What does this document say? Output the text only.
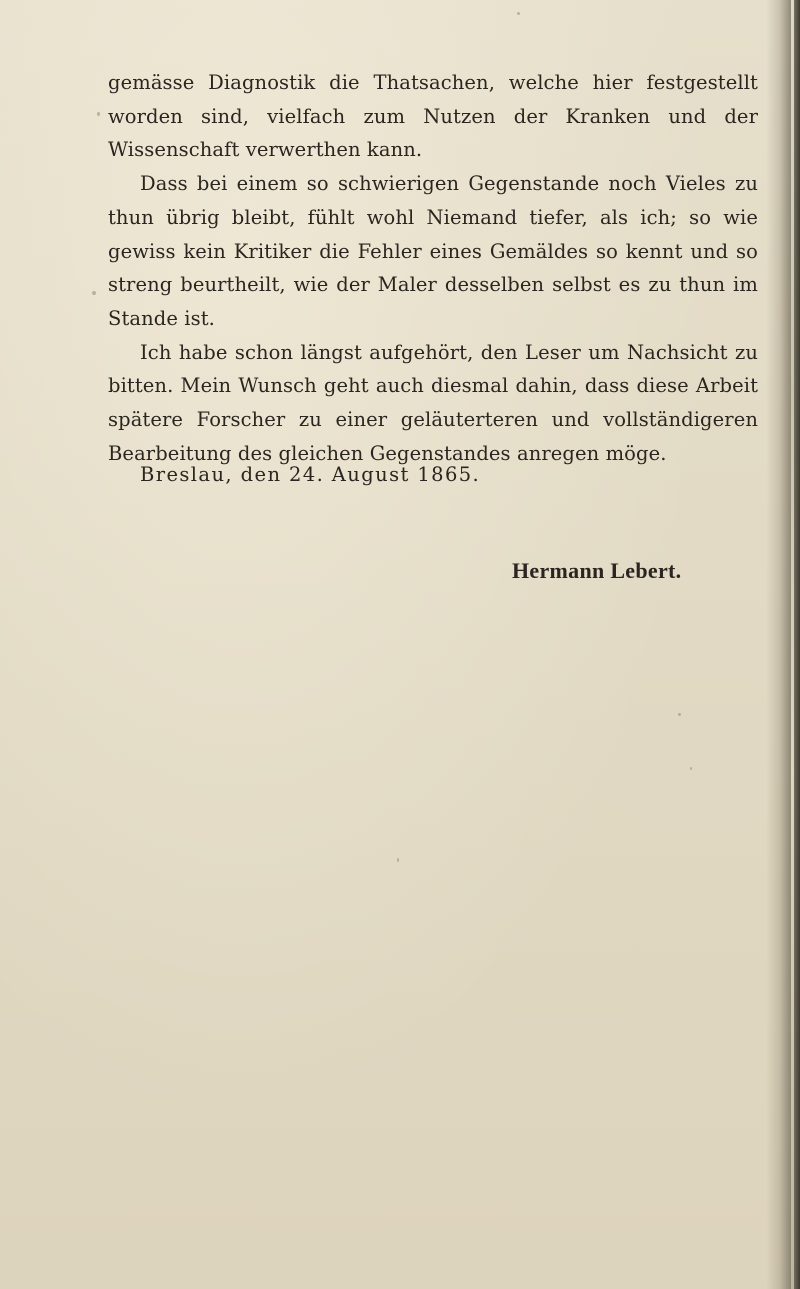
gemässe Diagnostik die Thatsachen, welche hier festgestellt worden sind, vielfach zum Nutzen der Kranken und der Wissenschaft verwerthen kann.

Dass bei einem so schwierigen Gegenstande noch Vieles zu thun übrig bleibt, fühlt wohl Niemand tiefer, als ich; so wie gewiss kein Kritiker die Fehler eines Gemäldes so kennt und so streng beurtheilt, wie der Maler desselben selbst es zu thun im Stande ist.

Ich habe schon längst aufgehört, den Leser um Nachsicht zu bitten. Mein Wunsch geht auch diesmal dahin, dass diese Arbeit spätere Forscher zu einer geläuterteren und vollständigeren Bearbeitung des gleichen Gegenstandes anregen möge.

Breslau, den 24. August 1865.
Hermann Lebert.
